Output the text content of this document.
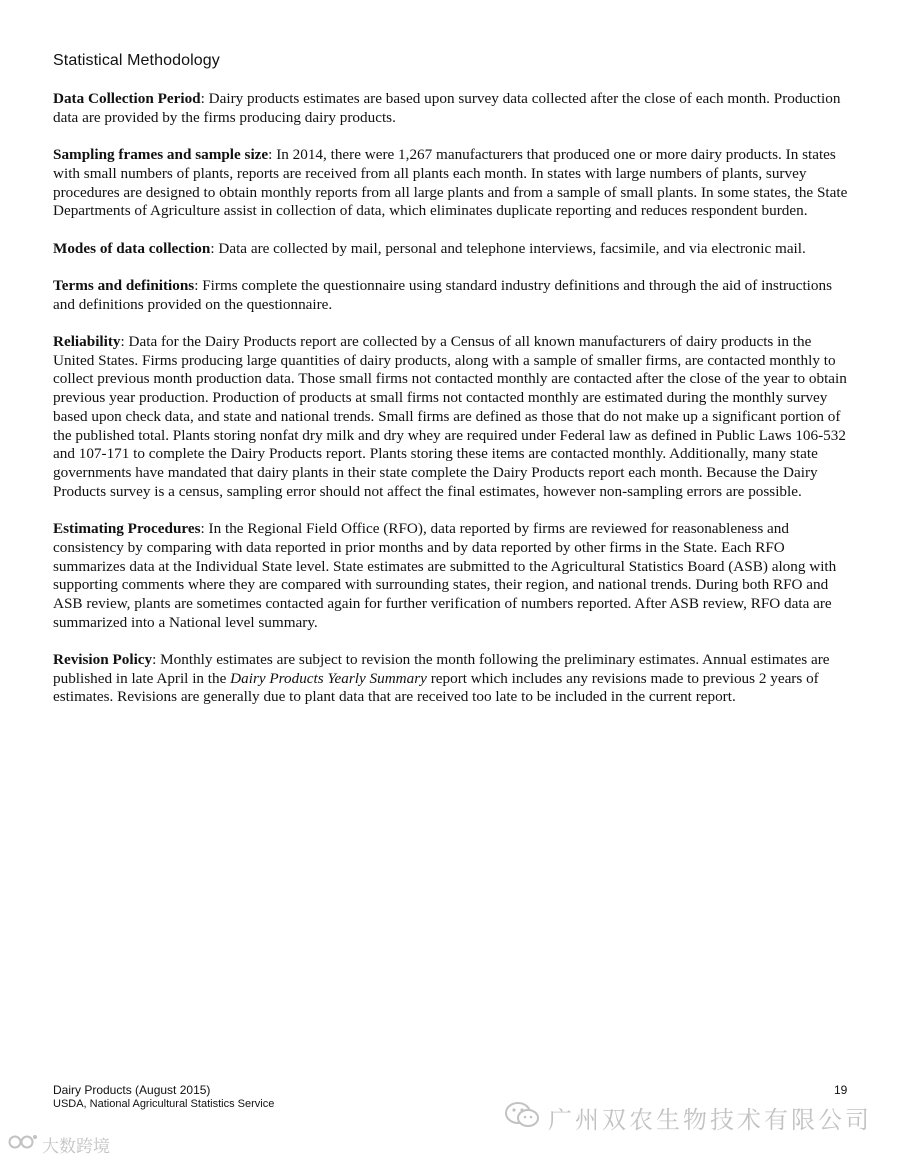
Statistical Methodology

Data Collection Period: Dairy products estimates are based upon survey data collected after the close of each month. Production data are provided by the firms producing dairy products.

Sampling frames and sample size: In 2014, there were 1,267 manufacturers that produced one or more dairy products. In states with small numbers of plants, reports are received from all plants each month. In states with large numbers of plants, survey procedures are designed to obtain monthly reports from all large plants and from a sample of small plants. In some states, the State Departments of Agriculture assist in collection of data, which eliminates duplicate reporting and reduces respondent burden.

Modes of data collection: Data are collected by mail, personal and telephone interviews, facsimile, and via electronic mail.

Terms and definitions: Firms complete the questionnaire using standard industry definitions and through the aid of instructions and definitions provided on the questionnaire.

Reliability: Data for the Dairy Products report are collected by a Census of all known manufacturers of dairy products in the United States. Firms producing large quantities of dairy products, along with a sample of smaller firms, are contacted monthly to collect previous month production data. Those small firms not contacted monthly are contacted after the close of the year to obtain previous year production. Production of products at small firms not contacted monthly are estimated during the monthly survey based upon check data, and state and national trends. Small firms are defined as those that do not make up a significant portion of the published total. Plants storing nonfat dry milk and dry whey are required under Federal law as defined in Public Laws 106-532 and 107-171 to complete the Dairy Products report. Plants storing these items are contacted monthly. Additionally, many state governments have mandated that dairy plants in their state complete the Dairy Products report each month. Because the Dairy Products survey is a census, sampling error should not affect the final estimates, however non-sampling errors are possible.

Estimating Procedures: In the Regional Field Office (RFO), data reported by firms are reviewed for reasonableness and consistency by comparing with data reported in prior months and by data reported by other firms in the State. Each RFO summarizes data at the Individual State level. State estimates are submitted to the Agricultural Statistics Board (ASB) along with supporting comments where they are compared with surrounding states, their region, and national trends. During both RFO and ASB review, plants are sometimes contacted again for further verification of numbers reported. After ASB review, RFO data are summarized into a National level summary.

Revision Policy: Monthly estimates are subject to revision the month following the preliminary estimates. Annual estimates are published in late April in the Dairy Products Yearly Summary report which includes any revisions made to previous 2 years of estimates. Revisions are generally due to plant data that are received too late to be included in the current report.

Dairy Products (August 2015)
USDA, National Agricultural Statistics Service
19
广州双农生物技术有限公司
大数跨境
